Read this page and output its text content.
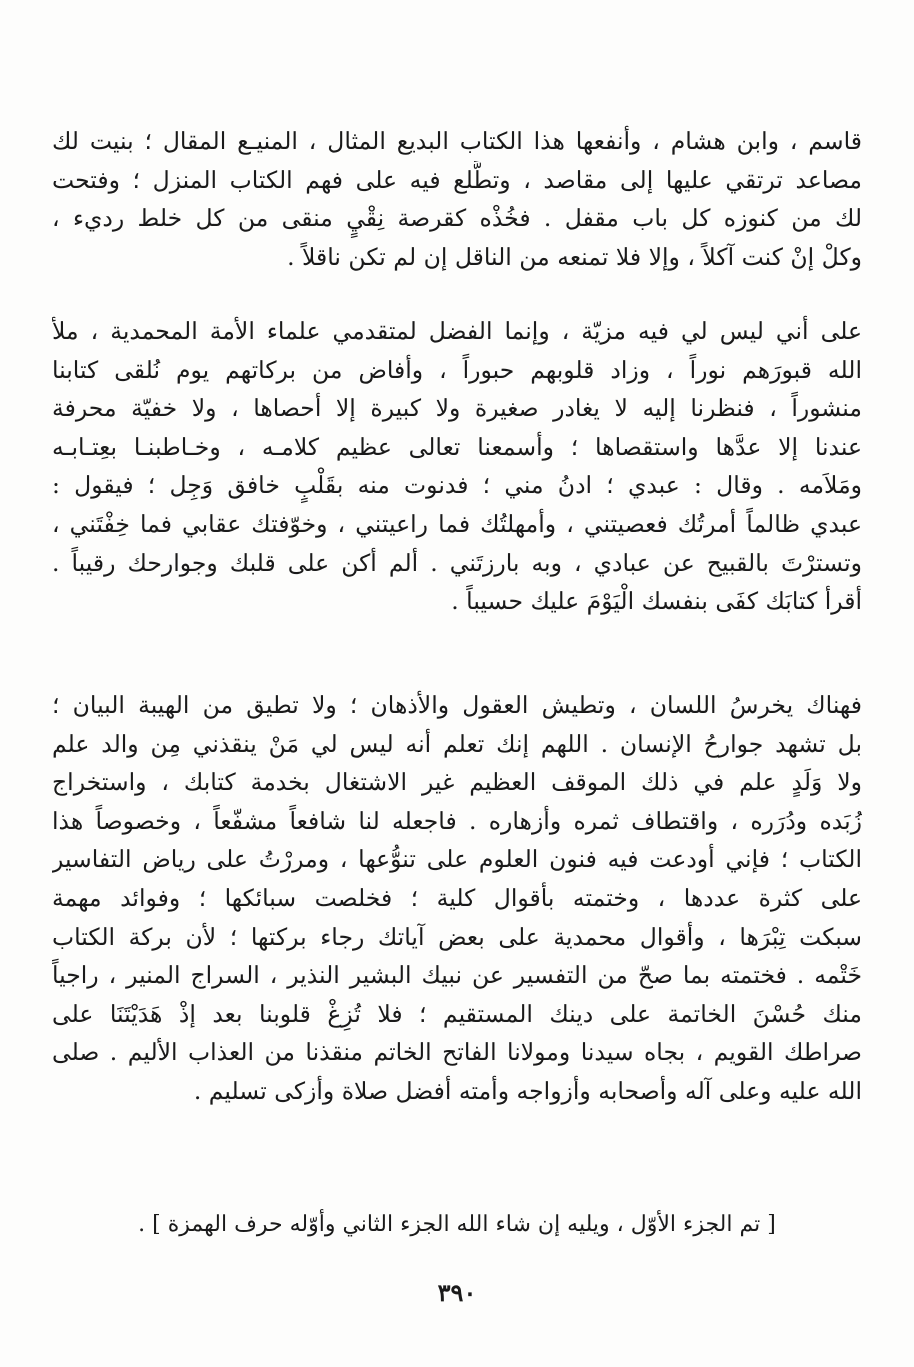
قاسم ، وابن هشام ، وأنفعها هذا الكتاب البديع المثال ، المنيـع المقال ؛ بنيت لك
مصاعد ترتقي عليها إلى مقاصد ، وتطَّلع فيه على فهم الكتاب المنزل ؛ وفتحت
لك من كنوزه كل باب مقفل . فخُذْه كقرصة نِقْيٍ منقى من كل خلط رديء ،
وكلْ إنْ كنت آكلاً ، وإلا فلا تمنعه من الناقل إن لم تكن ناقلاً .
على أني ليس لي فيه مزيّة ، وإنما الفضل لمتقدمي علماء الأمة المحمدية ، ملأ
الله قبورَهم نوراً ، وزاد قلوبهم حبوراً ، وأفاض من بركاتهم يوم نُلقى كتابنا
منشوراً ، فنظرنا إليه لا يغادر صغيرة ولا كبيرة إلا أحصاها ، ولا خفيّة محرفة
عندنا إلا عدَّها واستقصاها ؛ وأسمعنا تعالى عظيم كلامـه ، وخـاطبنـا بعِتـابـه
ومَلاَمه . وقال : عبدي ؛ ادنُ مني ؛ فدنوت منه بقَلْبٍ خافق وَجِل ؛ فيقول :
عبدي ظالماً أمرتُك فعصيتني ، وأمهلتُك فما راعيتني ، وخوّفتك عقابي فما خِفْتَني ،
وتسترْتَ بالقبيح عن عبادي ، وبه بارزتَني . ألم أكن على قلبك وجوارحك رقيباً .
أقرأ كتابَك كفَى بنفسك الْيَوْمَ عليك حسيباً .
فهناك يخرسُ اللسان ، وتطيش العقول والأذهان ؛ ولا تطيق من الهيبة البيان ؛
بل تشهد جوارحُ الإنسان . اللهم إنك تعلم أنه ليس لي مَنْ ينقذني مِن والد علم
ولا وَلَدٍ علم في ذلك الموقف العظيم غير الاشتغال بخدمة كتابك ، واستخراج
زُبَده ودُرَره ، واقتطاف ثمره وأزهاره . فاجعله لنا شافعاً مشفّعاً ، وخصوصاً هذا
الكتاب ؛ فإني أودعت فيه فنون العلوم على تنوُّعها ، ومررْتُ على رياض التفاسير
على كثرة عددها ، وختمته بأقوال كلية ؛ فخلصت سبائكها ؛ وفوائد مهمة
سبكت تِبْرَها ، وأقوال محمدية على بعض آياتك رجاء بركتها ؛ لأن بركة الكتاب
خَتْمه . فختمته بما صحّ من التفسير عن نبيك البشير النذير ، السراج المنير ، راجياً
منك حُسْنَ الخاتمة على دينك المستقيم ؛ فلا تُزِغْ قلوبنا بعد إذْ هَدَيْتَنَا على
صراطك القويم ، بجاه سيدنا ومولانا الفاتح الخاتم منقذنا من العذاب الأليم . صلى
الله عليه وعلى آله وأصحابه وأزواجه وأمته أفضل صلاة وأزكى تسليم .
[ تم الجزء الأوّل ، ويليه إن شاء الله الجزء الثاني وأوّله حرف الهمزة ] .
٣٩٠
